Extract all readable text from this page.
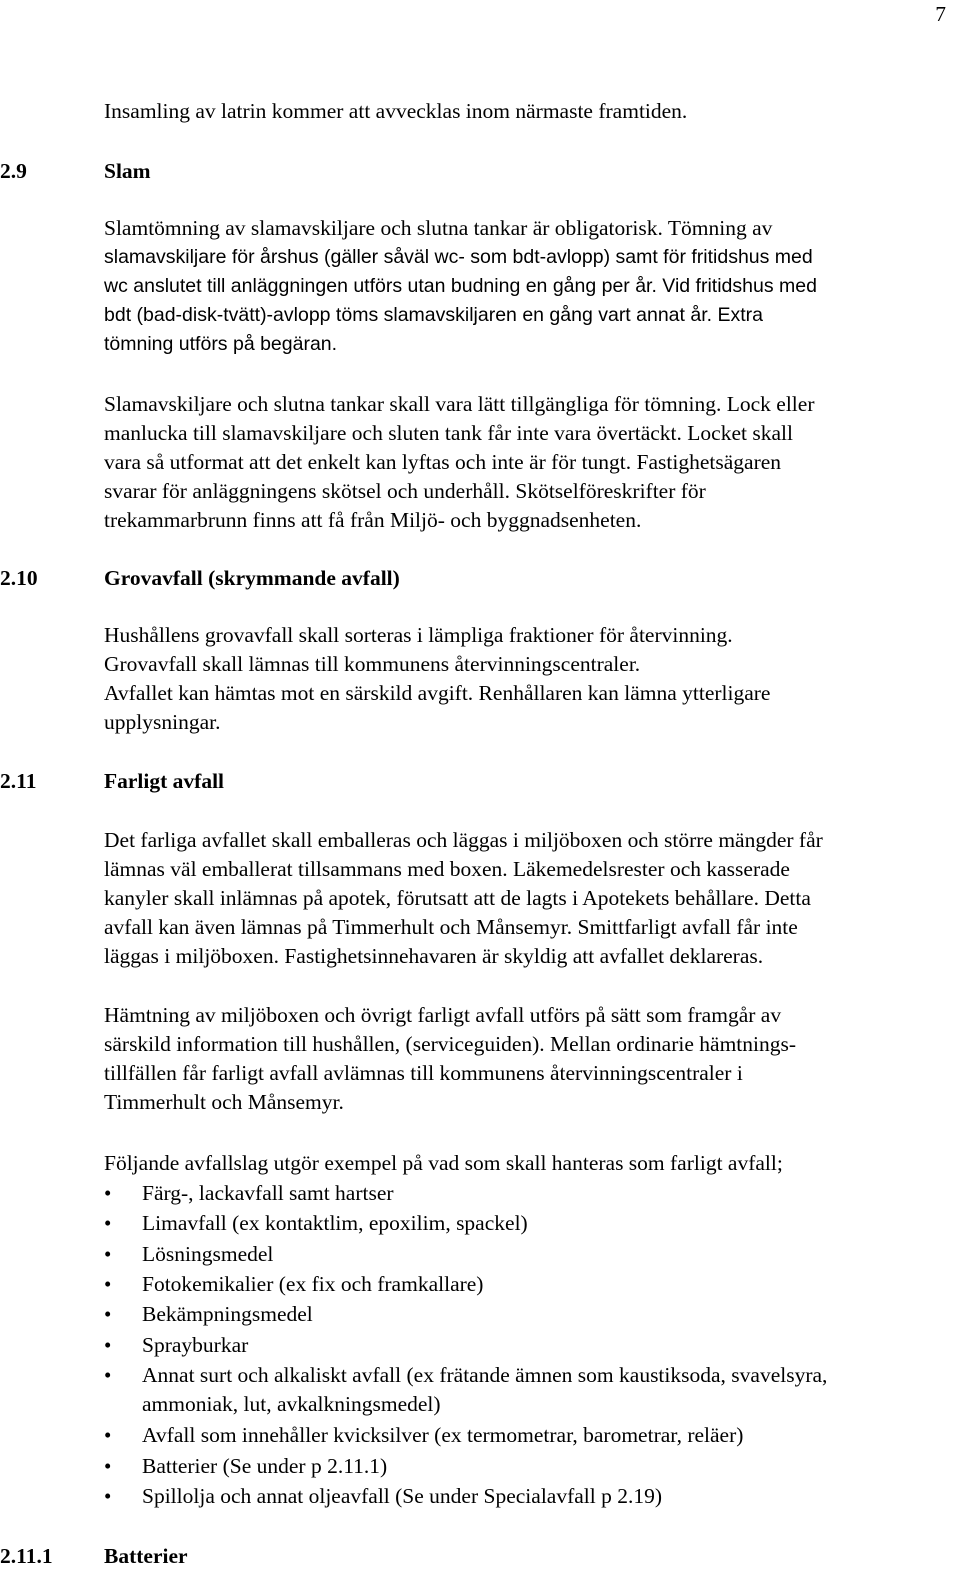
7
Insamling av latrin kommer att avvecklas inom närmaste framtiden.
2.9	Slam
Slamtömning av slamavskiljare och slutna tankar är obligatorisk. Tömning av
slamavskiljare för årshus (gäller såväl wc- som bdt-avlopp) samt för fritidshus med
wc anslutet till anläggningen utförs utan budning en gång per år. Vid fritidshus med
bdt (bad-disk-tvätt)-avlopp töms slamavskiljaren en gång vart annat år. Extra
tömning utförs på begäran.
Slamavskiljare och slutna tankar skall vara lätt tillgängliga för tömning. Lock eller
manlucka till slamavskiljare och sluten tank får inte vara övertäckt. Locket skall
vara så utformat att det enkelt kan lyftas och inte är för tungt. Fastighetsägaren
svarar för anläggningens skötsel och underhåll. Skötselföreskrifter för
trekammarbrunn finns att få från Miljö- och byggnadsenheten.
2.10	Grovavfall (skrymmande avfall)
Hushållens grovavfall skall sorteras i lämpliga fraktioner för återvinning.
Grovavfall skall lämnas till kommunens återvinningscentraler.
Avfallet kan hämtas mot en särskild avgift. Renhållaren kan lämna ytterligare
upplysningar.
2.11	Farligt avfall
Det farliga avfallet skall emballeras och läggas i miljöboxen och större mängder får
lämnas väl emballerat tillsammans med boxen. Läkemedelsrester och kasserade
kanyler skall inlämnas på apotek, förutsatt att de lagts i Apotekets behållare. Detta
avfall kan även lämnas på Timmerhult och Månsemyr. Smittfarligt avfall får inte
läggas i miljöboxen. Fastighetsinnehavaren är skyldig att avfallet deklareras.
Hämtning av miljöboxen och övrigt farligt avfall utförs på sätt som framgår av
särskild information till hushållen, (serviceguiden). Mellan ordinarie hämtnings-
tillfällen får farligt avfall avlämnas till kommunens återvinningscentraler i
Timmerhult och Månsemyr.
Följande avfallslag utgör exempel på vad som skall hanteras som farligt avfall;
• Färg-, lackavfall samt hartser
• Limavfall (ex kontaktlim, epoxilim, spackel)
• Lösningsmedel
• Fotokemikalier (ex fix och framkallare)
• Bekämpningsmedel
• Sprayburkar
• Annat surt och alkaliskt avfall (ex frätande ämnen som kaustiksoda, svavelsyra,
ammoniak, lut, avkalkningsmedel)
• Avfall som innehåller kvicksilver (ex termometrar, barometrar, reläer)
• Batterier (Se under p 2.11.1)
• Spillolja och annat oljeavfall (Se under Specialavfall p 2.19)
2.11.1 Batterier
